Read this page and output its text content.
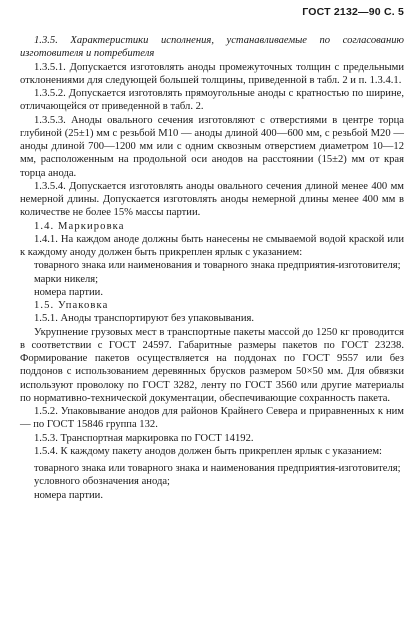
ГОСТ 2132—90 С. 5

1.3.5. Характеристики исполнения, устанавливаемые по согласованию изготовителя и потребителя

1.3.5.1. Допускается изготовлять аноды промежуточных толщин с предельными отклонениями для следующей большей толщины, приведенной в табл. 2 и п. 1.3.4.1.

1.3.5.2. Допускается изготовлять прямоугольные аноды с кратностью по ширине, отличающейся от приведенной в табл. 2.

1.3.5.3. Аноды овального сечения изготовляют с отверстиями в центре торца глубиной (25±1) мм с резьбой М10 — аноды длиной 400—600 мм, с резьбой М20 — аноды длиной 700—1200 мм или с одним сквозным отверстием диаметром 10—12 мм, расположенным на продольной оси анодов на расстоянии (15±2) мм от края торца анода.

1.3.5.4. Допускается изготовлять аноды овального сечения длиной менее 400 мм немерной длины. Допускается изготовлять аноды немерной длины менее 400 мм в количестве не более 15% массы партии.

1.4. Маркировка

1.4.1. На каждом аноде должны быть нанесены не смываемой водой краской или к каждому аноду должен быть прикреплен ярлык с указанием:

товарного знака или наименования и товарного знака предприятия-изготовителя;

марки никеля;

номера партии.

1.5. Упаковка

1.5.1. Аноды транспортируют без упаковывания.

Укрупнение грузовых мест в транспортные пакеты массой до 1250 кг проводится в соответствии с ГОСТ 24597. Габаритные размеры пакетов по ГОСТ 23238. Формирование пакетов осуществляется на поддонах по ГОСТ 9557 или без поддонов с использованием деревянных брусков размером 50×50 мм. Для обвязки используют проволоку по ГОСТ 3282, ленту по ГОСТ 3560 или другие материалы по нормативно-технической документации, обеспечивающие сохранность пакета.

1.5.2. Упаковывание анодов для районов Крайнего Севера и приравненных к ним — по ГОСТ 15846 группа 132.

1.5.3. Транспортная маркировка по ГОСТ 14192.

1.5.4. К каждому пакету анодов должен быть прикреплен ярлык с указанием:

товарного знака или товарного знака и наименования предприятия-изготовителя;

условного обозначения анода;

номера партии.
